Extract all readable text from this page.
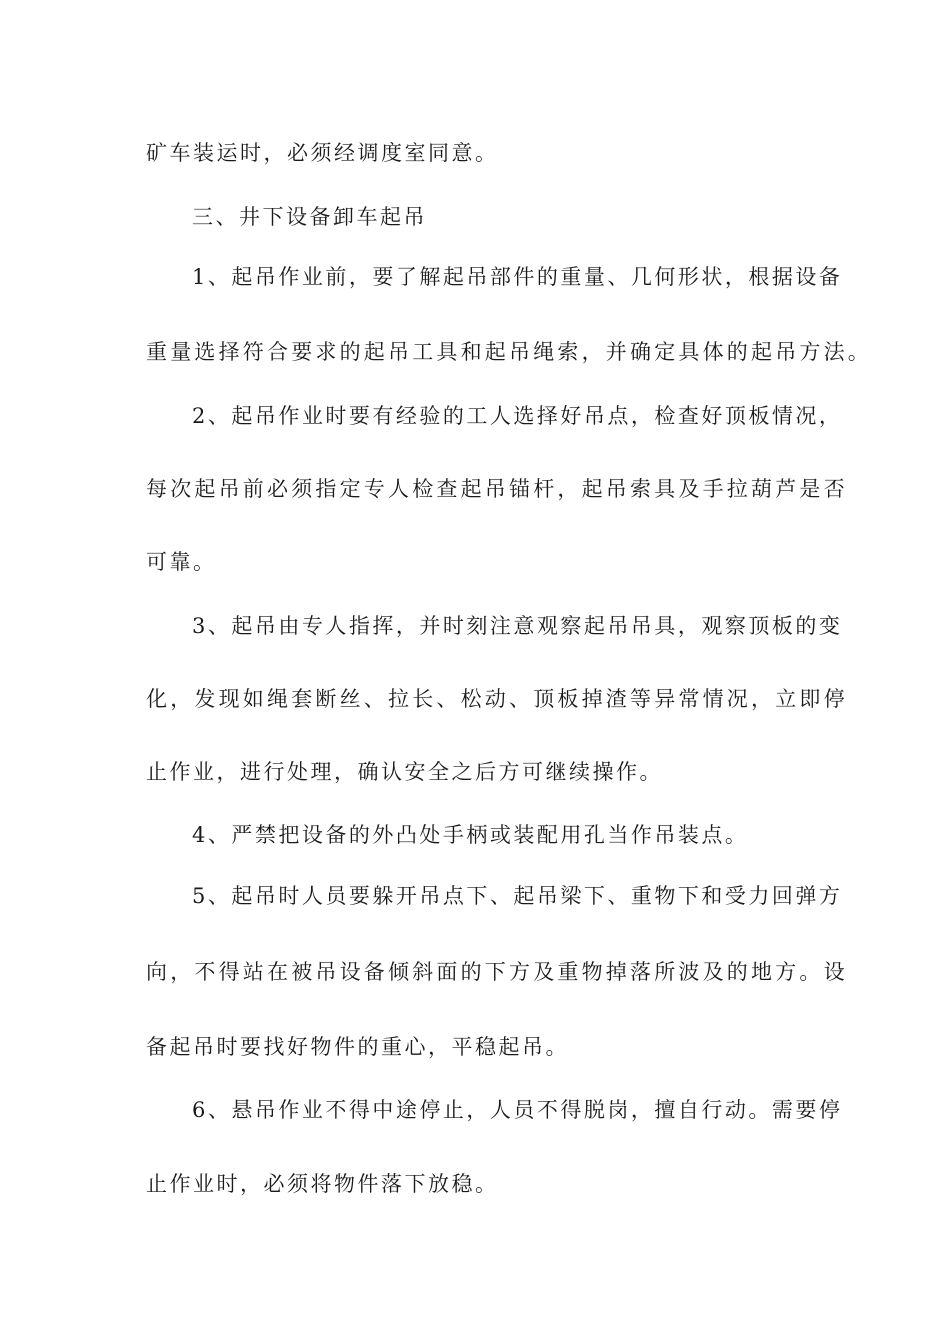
矿车装运时，必须经调度室同意。
三、井下设备卸车起吊
1、起吊作业前，要了解起吊部件的重量、几何形状，根据设备
重量选择符合要求的起吊工具和起吊绳索，并确定具体的起吊方法。
2、起吊作业时要有经验的工人选择好吊点，检查好顶板情况，
每次起吊前必须指定专人检查起吊锚杆，起吊索具及手拉葫芦是否
可靠。
3、起吊由专人指挥，并时刻注意观察起吊吊具，观察顶板的变
化，发现如绳套断丝、拉长、松动、顶板掉渣等异常情况，立即停
止作业，进行处理，确认安全之后方可继续操作。
4、严禁把设备的外凸处手柄或装配用孔当作吊装点。
5、起吊时人员要躲开吊点下、起吊梁下、重物下和受力回弹方
向，不得站在被吊设备倾斜面的下方及重物掉落所波及的地方。设
备起吊时要找好物件的重心，平稳起吊。
6、悬吊作业不得中途停止，人员不得脱岗，擅自行动。需要停
止作业时，必须将物件落下放稳。
